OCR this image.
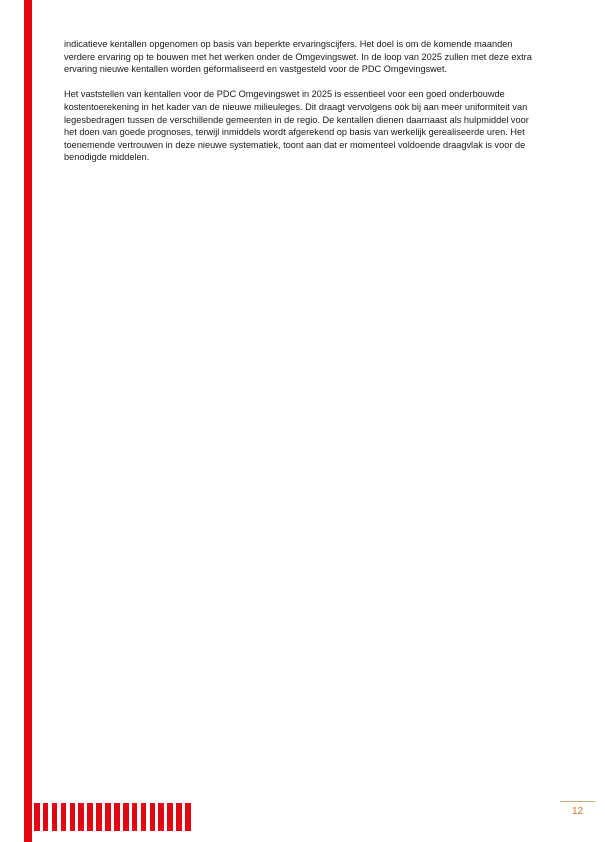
indicatieve kentallen opgenomen op basis van beperkte ervaringscijfers. Het doel is om de komende maanden verdere ervaring op te bouwen met het werken onder de Omgevingswet. In de loop van 2025 zullen met deze extra ervaring nieuwe kentallen worden geformaliseerd en vastgesteld voor de PDC Omgevingswet.

Het vaststellen van kentallen voor de PDC Omgevingswet in 2025 is essentieel voor een goed onderbouwde kostentoerekening in het kader van de nieuwe milieuleges. Dit draagt vervolgens ook bij aan meer uniformiteit van legesbedragen tussen de verschillende gemeenten in de regio. De kentallen dienen daarnaast als hulpmiddel voor het doen van goede prognoses, terwijl inmiddels wordt afgerekend op basis van werkelijk gerealiseerde uren. Het toenemende vertrouwen in deze nieuwe systematiek, toont aan dat er momenteel voldoende draagvlak is voor de benodigde middelen.

12
